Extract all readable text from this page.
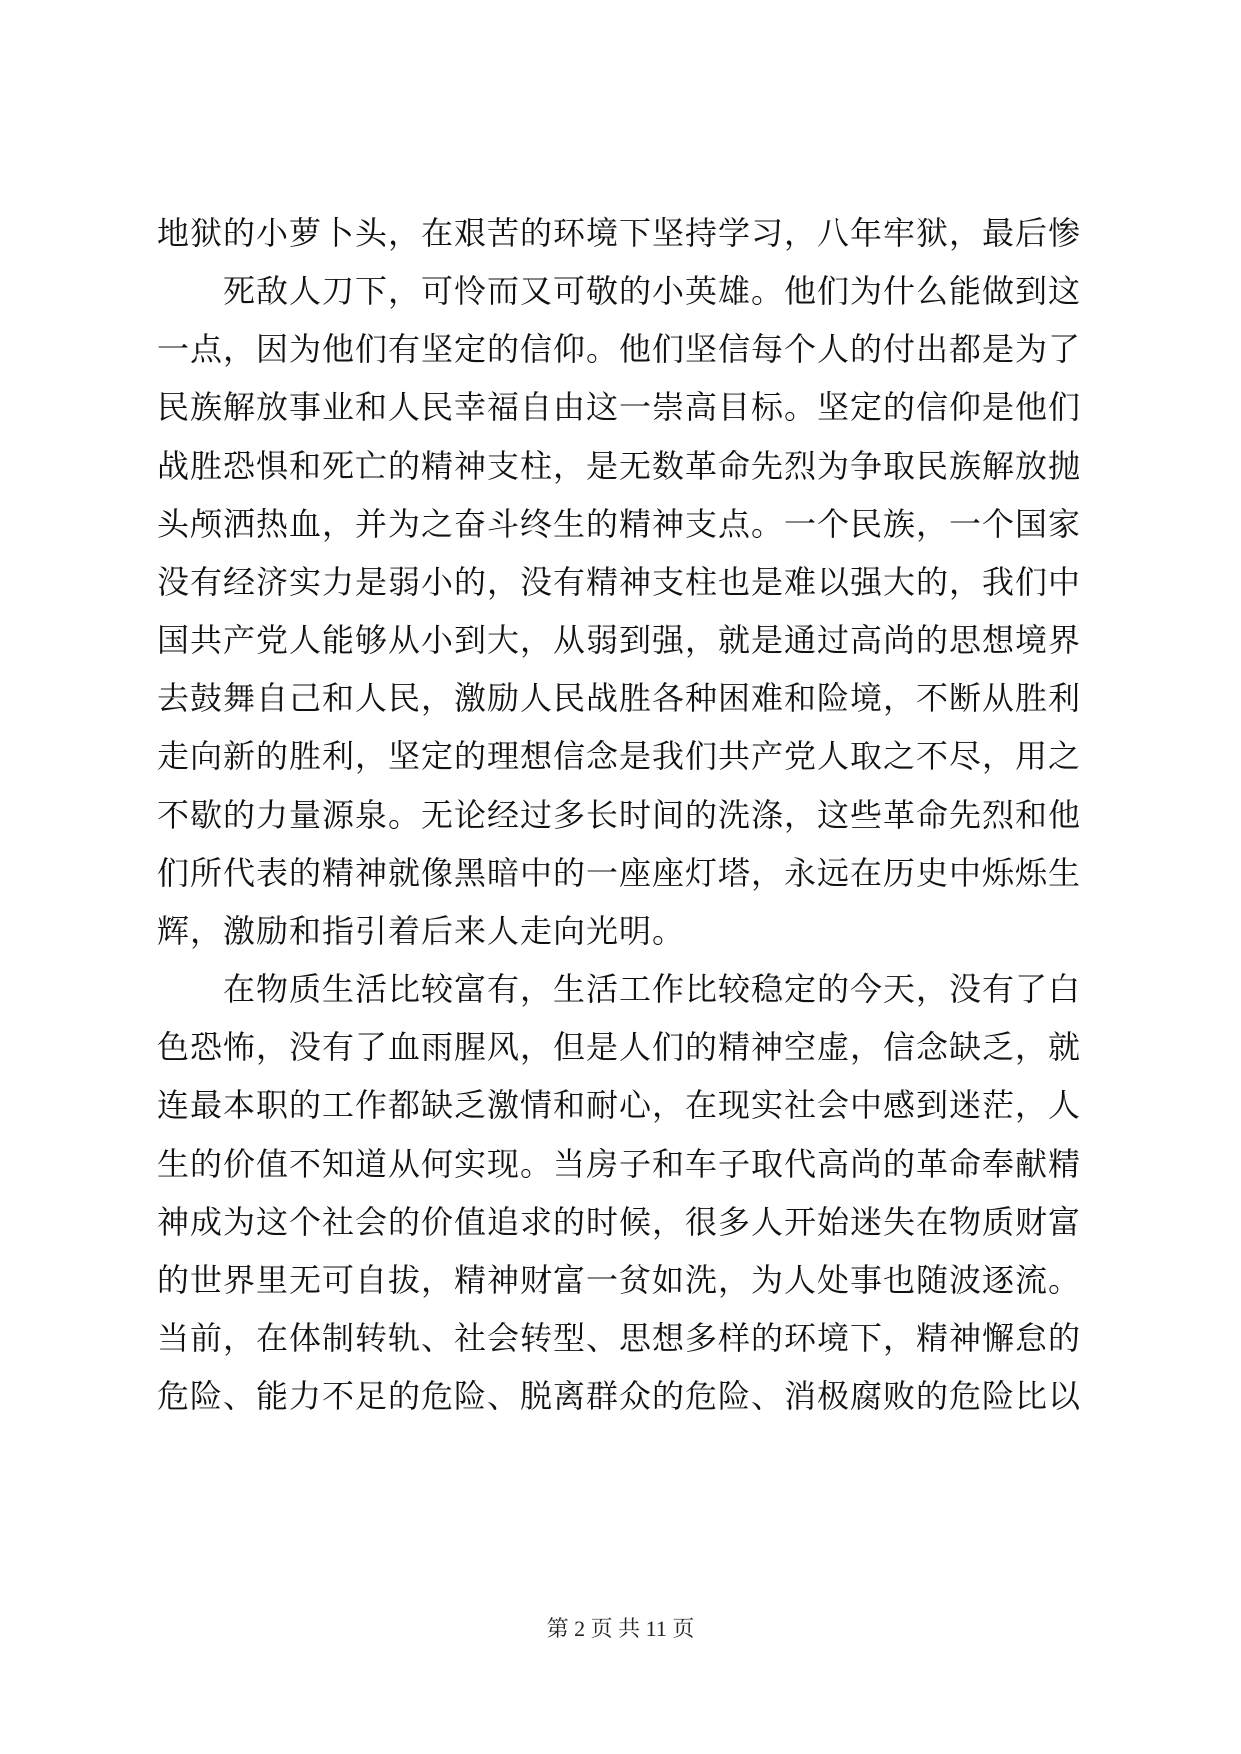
地狱的小萝卜头，在艰苦的环境下坚持学习，八年牢狱，最后惨
　　死敌人刀下，可怜而又可敬的小英雄。他们为什么能做到这
一点，因为他们有坚定的信仰。他们坚信每个人的付出都是为了
民族解放事业和人民幸福自由这一崇高目标。坚定的信仰是他们
战胜恐惧和死亡的精神支柱，是无数革命先烈为争取民族解放抛
头颅洒热血，并为之奋斗终生的精神支点。一个民族，一个国家
没有经济实力是弱小的，没有精神支柱也是难以强大的，我们中
国共产党人能够从小到大，从弱到强，就是通过高尚的思想境界
去鼓舞自己和人民，激励人民战胜各种困难和险境，不断从胜利
走向新的胜利，坚定的理想信念是我们共产党人取之不尽，用之
不歇的力量源泉。无论经过多长时间的洗涤，这些革命先烈和他
们所代表的精神就像黑暗中的一座座灯塔，永远在历史中烁烁生
辉，激励和指引着后来人走向光明。
　　在物质生活比较富有，生活工作比较稳定的今天，没有了白
色恐怖，没有了血雨腥风，但是人们的精神空虚，信念缺乏，就
连最本职的工作都缺乏激情和耐心，在现实社会中感到迷茫，人
生的价值不知道从何实现。当房子和车子取代高尚的革命奉献精
神成为这个社会的价值追求的时候，很多人开始迷失在物质财富
的世界里无可自拔，精神财富一贫如洗，为人处事也随波逐流。
当前，在体制转轨、社会转型、思想多样的环境下，精神懈怠的
危险、能力不足的危险、脱离群众的危险、消极腐败的危险比以
第 2 页 共 11 页
